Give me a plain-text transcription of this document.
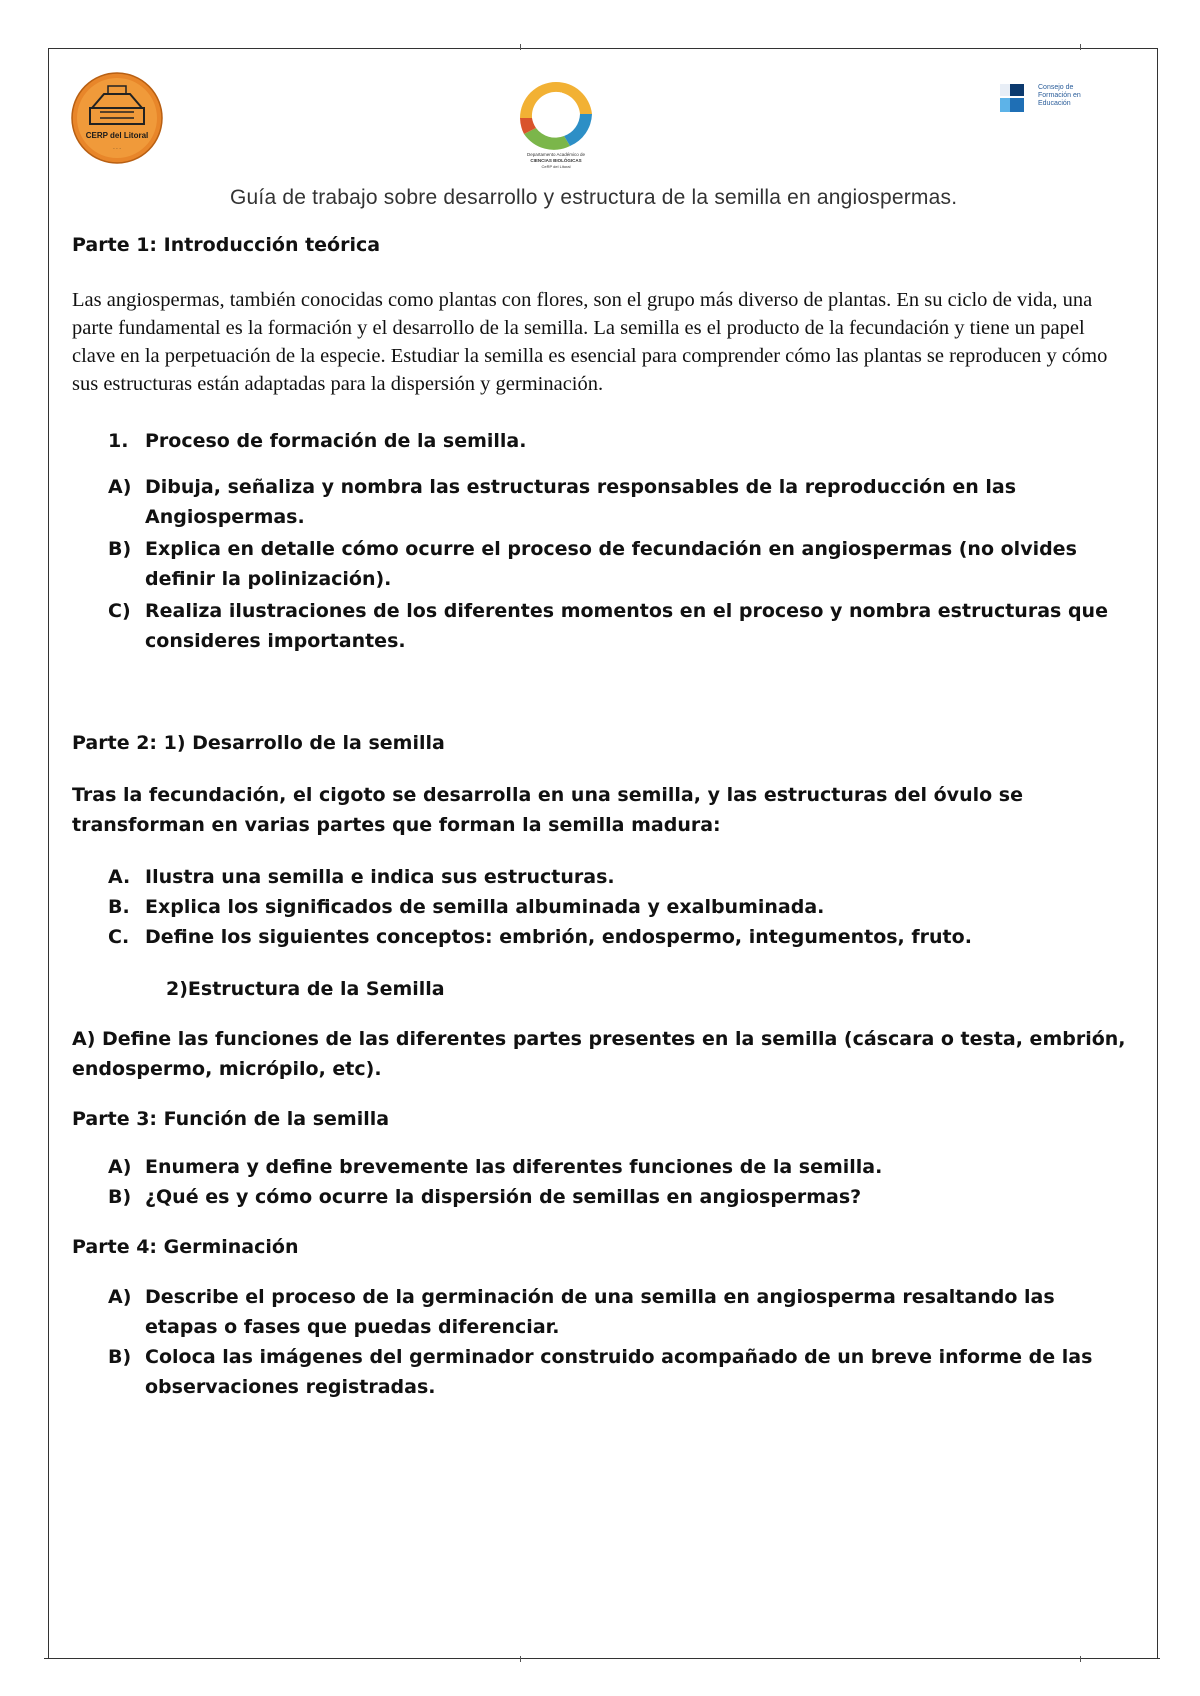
CERP del Litoral
· · ·
Departamento Académico de
CIENCIAS BIOLÓGICAS
CeRP del Litoral
Consejo de Formación en Educación
Guía de trabajo sobre desarrollo y estructura de la semilla en angiospermas.
Parte 1: Introducción teórica
Las angiospermas, también conocidas como plantas con flores, son el grupo más diverso de plantas. En su ciclo de vida, una parte fundamental es la formación y el desarrollo de la semilla. La semilla es el producto de la fecundación y tiene un papel clave en la perpetuación de la especie. Estudiar la semilla es esencial para comprender cómo las plantas se reproducen y cómo sus estructuras están adaptadas para la dispersión y germinación.
1. Proceso de formación de la semilla.
A) Dibuja, señaliza y nombra las estructuras responsables de la reproducción en las Angiospermas.
B) Explica en detalle cómo ocurre el proceso de fecundación en angiospermas (no olvides definir la polinización).
C) Realiza ilustraciones de los diferentes momentos en el proceso y nombra estructuras que consideres importantes.
Parte 2: 1) Desarrollo de la semilla
Tras la fecundación, el cigoto se desarrolla en una semilla, y las estructuras del óvulo se transforman en varias partes que forman la semilla madura:
A. Ilustra una semilla e indica sus estructuras.
B. Explica los significados de semilla albuminada y exalbuminada.
C. Define los siguientes conceptos: embrión, endospermo, integumentos, fruto.
2)Estructura de la Semilla
A) Define las funciones de las diferentes partes presentes en la semilla (cáscara o testa, embrión, endospermo, micrópilo, etc).
Parte 3: Función de la semilla
A) Enumera y define brevemente las diferentes funciones de la semilla.
B) ¿Qué es y cómo ocurre la dispersión de semillas en angiospermas?
Parte 4: Germinación
A) Describe el proceso de la germinación de una semilla en angiosperma resaltando las etapas o fases que puedas diferenciar.
B) Coloca las imágenes del germinador construido acompañado de un breve informe de las observaciones registradas.
